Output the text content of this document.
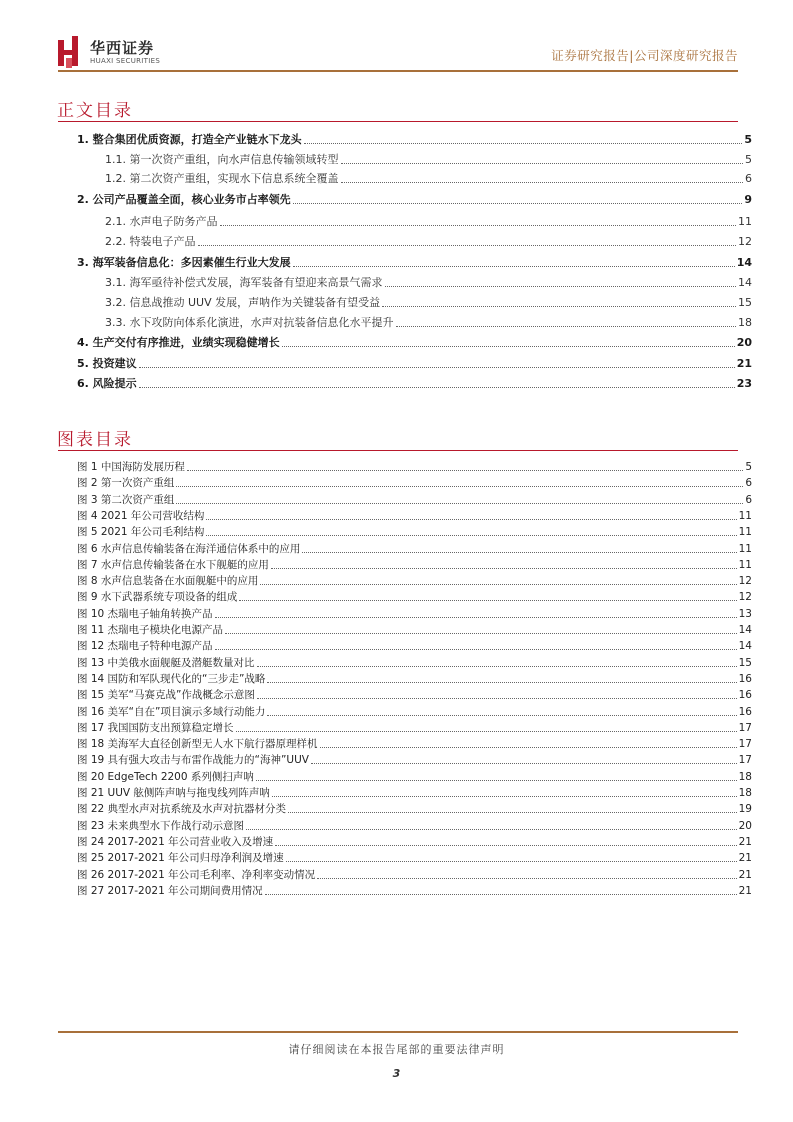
华西证券
HUAXI SECURITIES	证券研究报告|公司深度研究报告
正文目录
1. 整合集团优质资源，打造全产业链水下龙头	5
1.1. 第一次资产重组，向水声信息传输领域转型	5
1.2. 第二次资产重组，实现水下信息系统全覆盖	6
2. 公司产品覆盖全面，核心业务市占率领先	9
2.1. 水声电子防务产品	11
2.2. 特装电子产品	12
3. 海军装备信息化：多因素催生行业大发展	14
3.1. 海军亟待补偿式发展，海军装备有望迎来高景气需求	14
3.2. 信息战推动 UUV 发展，声呐作为关键装备有望受益	15
3.3. 水下攻防向体系化演进，水声对抗装备信息化水平提升	18
4. 生产交付有序推进，业绩实现稳健增长	20
5. 投资建议	21
6. 风险提示	23
图表目录
图 1 中国海防发展历程	5
图 2 第一次资产重组	6
图 3 第二次资产重组	6
图 4 2021 年公司营收结构	11
图 5 2021 年公司毛利结构	11
图 6 水声信息传输装备在海洋通信体系中的应用	11
图 7 水声信息传输装备在水下舰艇的应用	11
图 8 水声信息装备在水面舰艇中的应用	12
图 9 水下武器系统专项设备的组成	12
图 10 杰瑞电子轴角转换产品	13
图 11 杰瑞电子模块化电源产品	14
图 12 杰瑞电子特种电源产品	14
图 13 中美俄水面舰艇及潜艇数量对比	15
图 14 国防和军队现代化的“三步走”战略	16
图 15 美军“马赛克战”作战概念示意图	16
图 16 美军“自在”项目演示多域行动能力	16
图 17 我国国防支出预算稳定增长	17
图 18 美海军大直径创新型无人水下航行器原理样机	17
图 19 具有强大攻击与布雷作战能力的“海神”UUV	17
图 20 EdgeTech 2200 系列侧扫声呐	18
图 21 UUV 舷侧阵声呐与拖曳线列阵声呐	18
图 22 典型水声对抗系统及水声对抗器材分类	19
图 23 未来典型水下作战行动示意图	20
图 24 2017-2021 年公司营业收入及增速	21
图 25 2017-2021 年公司归母净利润及增速	21
图 26 2017-2021 年公司毛利率、净利率变动情况	21
图 27 2017-2021 年公司期间费用情况	21
请仔细阅读在本报告尾部的重要法律声明
3
